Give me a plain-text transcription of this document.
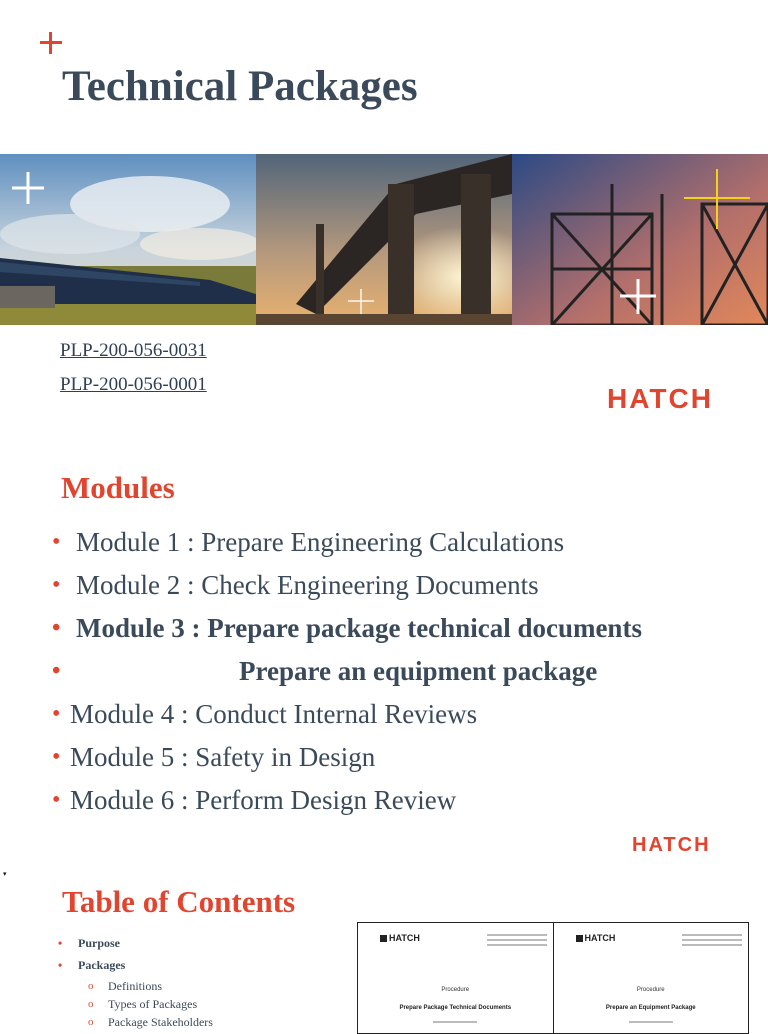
Technical Packages
PLP-200-056-0031
PLP-200-056-0001	HATCH
Modules
• Module 1 : Prepare Engineering Calculations
• Module 2 : Check Engineering Documents
• Module 3 : Prepare package technical documents
•	Prepare an equipment package
• Module 4 : Conduct Internal Reviews
• Module 5 : Safety in Design
• Module 6 : Perform Design Review
HATCH
▾
Table of Contents
• Purpose
• Packages
o Definitions
o Types of Packages
o Package Stakeholders
HATCH
Procedure
Prepare Package Technical Documents
HATCH
Procedure
Prepare an Equipment Package
